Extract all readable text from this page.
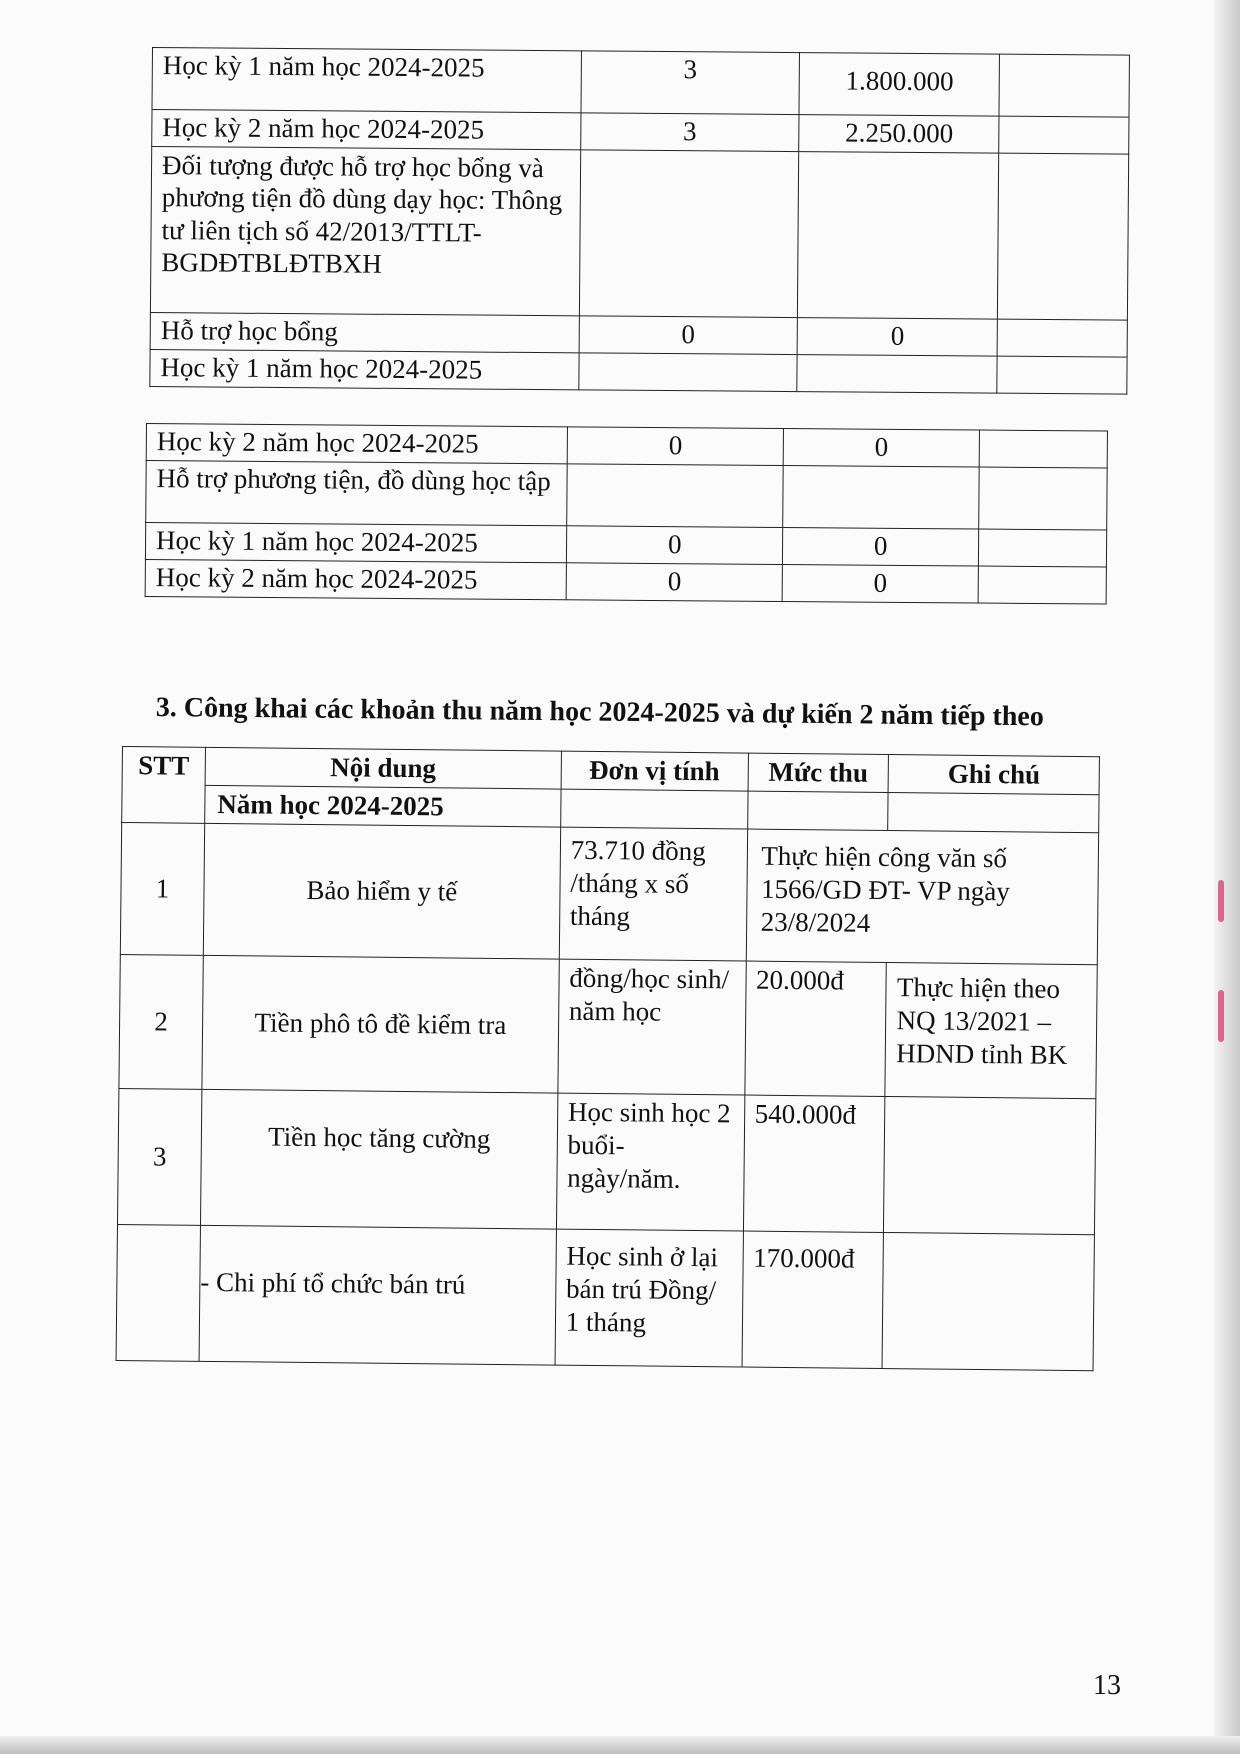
Học kỳ 1 năm học 2024-2025	3	1.800.000	
Học kỳ 2 năm học 2024-2025	3	2.250.000	
Đối tượng được hỗ trợ học bổng và phương tiện đồ dùng dạy học: Thông tư liên tịch số 42/2013/TTLT-BGDĐTBLĐTBXH			
Hỗ trợ học bổng	0	0	
Học kỳ 1 năm học 2024-2025			
Học kỳ 2 năm học 2024-2025	0	0	
Hỗ trợ phương tiện, đồ dùng học tập			
Học kỳ 1 năm học 2024-2025	0	0	
Học kỳ 2 năm học 2024-2025	0	0	
3. Công khai các khoản thu năm học 2024-2025 và dự kiến 2 năm tiếp theo
STT	Nội dung	Đơn vị tính	Mức thu	Ghi chú
	Năm học 2024-2025			
1	Bảo hiểm y tế	73.710 đồng /tháng x số tháng	Thực hiện công văn số 1566/GD ĐT- VP ngày 23/8/2024	
2	Tiền phô tô đề kiểm tra	đồng/học sinh/ năm học	20.000đ	Thực hiện theo NQ 13/2021 – HDND tỉnh BK
3	Tiền học tăng cường	Học sinh học 2 buổi-ngày/năm.	540.000đ	
	- Chi phí tổ chức bán trú	Học sinh ở lại bán trú Đồng/ 1 tháng	170.000đ	
13
